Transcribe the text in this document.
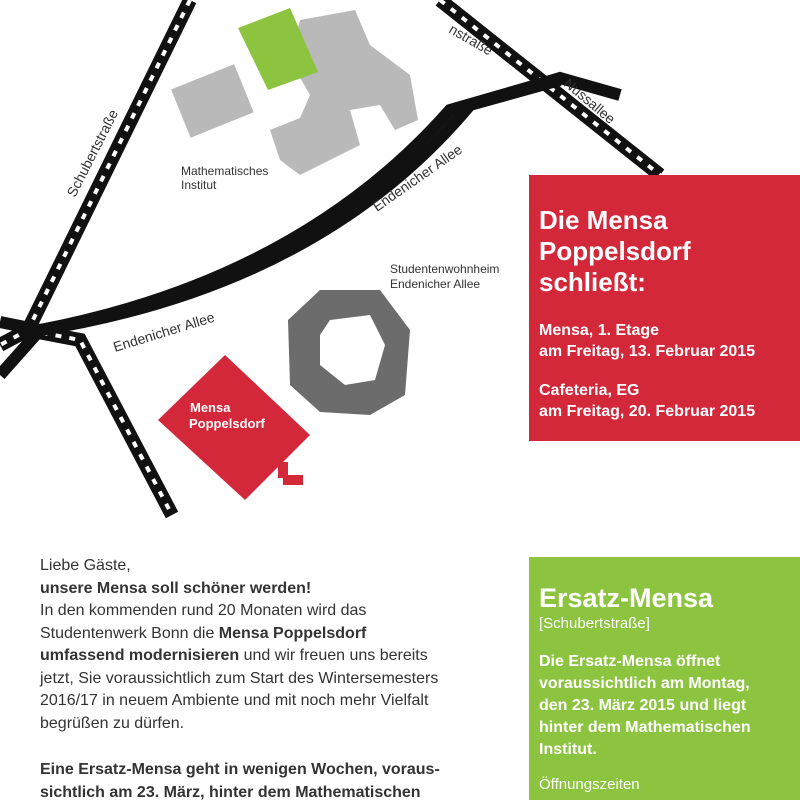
Mensa
Poppelsdorf
nstraße
Schubertstraße
Nussallee
Endenicher Allee
Endenicher Allee
Mathematisches
Institut
Studentenwohnheim
Endenicher Allee
Die Mensa
Poppelsdorf
schließt:
Mensa, 1. Etage
am Freitag, 13. Februar 2015
Cafeteria, EG
am Freitag, 20. Februar 2015

Liebe Gäste,

unsere Mensa soll schöner werden!

In den kommenden rund 20 Monaten wird das

Studentenwerk Bonn die Mensa Poppelsdorf

umfassend modernisieren und wir freuen uns bereits

jetzt, Sie voraussichtlich zum Start des Wintersemesters

2016/17 in neuem Ambiente und mit noch mehr Vielfalt

begrüßen zu dürfen.

Eine Ersatz-Mensa geht in wenigen Wochen, voraus-

sichtlich am 23. März, hinter dem Mathematischen

Ersatz-Mensa
[Schubertstraße]
Die Ersatz-Mensa öffnet
voraussichtlich am Montag,
den 23. März 2015 und liegt
hinter dem Mathematischen
Institut.
Öffnungszeiten
